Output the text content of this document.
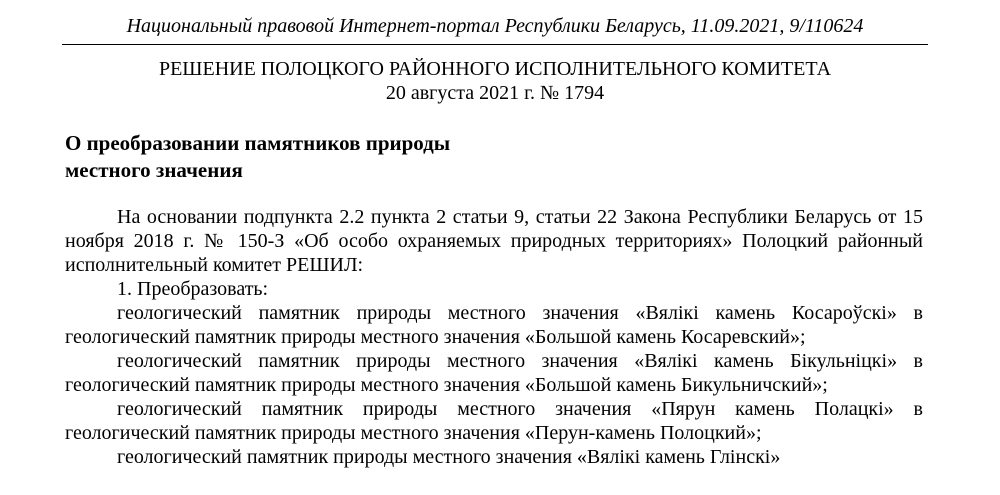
Национальный правовой Интернет-портал Республики Беларусь, 11.09.2021, 9/110624
РЕШЕНИЕ ПОЛОЦКОГО РАЙОННОГО ИСПОЛНИТЕЛЬНОГО КОМИТЕТА
20 августа 2021 г. № 1794
О преобразовании памятников природы
местного значения

На основании подпункта 2.2 пункта 2 статьи 9, статьи 22 Закона Республики Беларусь от 15 ноября 2018 г. № 150-З «Об особо охраняемых природных территориях» Полоцкий районный исполнительный комитет РЕШИЛ:

1. Преобразовать:

геологический памятник природы местного значения «Вялікі камень Косароўскі» в геологический памятник природы местного значения «Большой камень Косаревский»;

геологический памятник природы местного значения «Вялікі камень Бікульніцкі» в геологический памятник природы местного значения «Большой камень Бикульничский»;

геологический памятник природы местного значения «Пярун камень Полацкі» в геологический памятник природы местного значения «Перун-камень Полоцкий»;

геологический памятник природы местного значения «Вялікі камень Глінскі»
